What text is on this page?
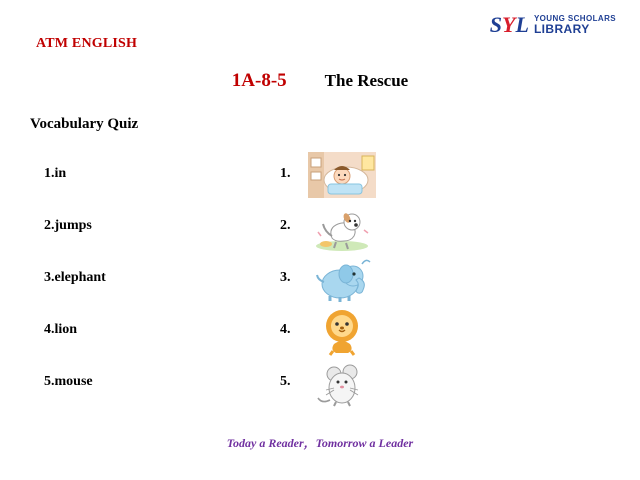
ATM ENGLISH
SYL YOUNG SCHOLARS
LIBRARY
1A-8-5 The Rescue
Vocabulary Quiz
1.in	1.
2.jumps	2.
3.elephant	3.
4.lion	4.
5.mouse	5.
Today a Reader，Tomorrow a Leader
